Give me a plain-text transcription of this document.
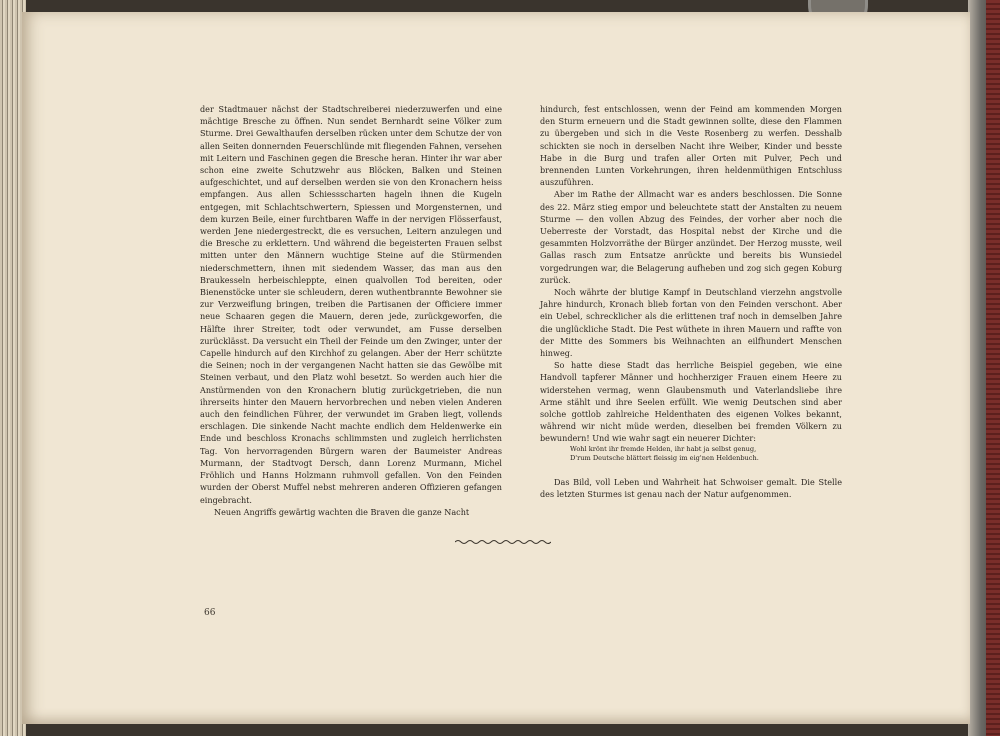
der Stadtmauer nächst der Stadtschreiberei niederzuwerfen und eine mächtige Bresche zu öffnen. Nun sendet Bernhardt seine Völker zum Sturme. Drei Gewalthaufen derselben rücken unter dem Schutze der von allen Seiten donnernden Feuerschlünde mit fliegenden Fahnen, versehen mit Leitern und Faschinen gegen die Bresche heran. Hinter ihr war aber schon eine zweite Schutzwehr aus Blöcken, Balken und Steinen aufgeschichtet, und auf derselben werden sie von den Kronachern heiss empfangen. Aus allen Schiessscharten hageln ihnen die Kugeln entgegen, mit Schlachtschwertern, Spiessen und Morgensternen, und dem kurzen Beile, einer furchtbaren Waffe in der nervigen Flösserfaust, werden Jene niedergestreckt, die es versuchen, Leitern anzulegen und die Bresche zu erklettern. Und während die begeisterten Frauen selbst mitten unter den Männern wuchtige Steine auf die Stürmenden niederschmettern, ihnen mit siedendem Wasser, das man aus den Braukesseln herbeischleppte, einen qualvollen Tod bereiten, oder Bienenstöcke unter sie schleudern, deren wuthentbrannte Bewohner sie zur Verzweiflung bringen, treiben die Partisanen der Officiere immer neue Schaaren gegen die Mauern, deren jede, zurückgeworfen, die Hälfte ihrer Streiter, todt oder verwundet, am Fusse derselben zurücklässt. Da versucht ein Theil der Feinde um den Zwinger, unter der Capelle hindurch auf den Kirchhof zu gelangen. Aber der Herr schützte die Seinen; noch in der vergangenen Nacht hatten sie das Gewölbe mit Steinen verbaut, und den Platz wohl besetzt. So werden auch hier die Anstürmenden von den Kronachern blutig zurückgetrieben, die nun ihrerseits hinter den Mauern hervorbrechen und neben vielen Anderen auch den feindlichen Führer, der verwundet im Graben liegt, vollends erschlagen. Die sinkende Nacht machte endlich dem Heldenwerke ein Ende und beschloss Kronachs schlimmsten und zugleich herrlichsten Tag. Von hervorragenden Bürgern waren der Baumeister Andreas Murmann, der Stadtvogt Dersch, dann Lorenz Murmann, Michel Fröhlich und Hanns Holzmann ruhmvoll gefallen. Von den Feinden wurden der Oberst Muffel nebst mehreren anderen Offizieren gefangen eingebracht.

Neuen Angriffs gewärtig wachten die Braven die ganze Nacht

hindurch, fest entschlossen, wenn der Feind am kommenden Morgen den Sturm erneuern und die Stadt gewinnen sollte, diese den Flammen zu übergeben und sich in die Veste Rosenberg zu werfen. Desshalb schickten sie noch in derselben Nacht ihre Weiber, Kinder und besste Habe in die Burg und trafen aller Orten mit Pulver, Pech und brennenden Lunten Vorkehrungen, ihren heldenmüthigen Entschluss auszuführen.

Aber im Rathe der Allmacht war es anders beschlossen. Die Sonne des 22. März stieg empor und beleuchtete statt der Anstalten zu neuem Sturme — den vollen Abzug des Feindes, der vorher aber noch die Ueberreste der Vorstadt, das Hospital nebst der Kirche und die gesammten Holzvorräthe der Bürger anzündet. Der Herzog musste, weil Gallas rasch zum Entsatze anrückte und bereits bis Wunsiedel vorgedrungen war, die Belagerung aufheben und zog sich gegen Koburg zurück.

Noch währte der blutige Kampf in Deutschland vierzehn angstvolle Jahre hindurch, Kronach blieb fortan von den Feinden verschont. Aber ein Uebel, schrecklicher als die erlittenen traf noch in demselben Jahre die unglückliche Stadt. Die Pest wüthete in ihren Mauern und raffte von der Mitte des Sommers bis Weihnachten an eilfhundert Menschen hinweg.

So hatte diese Stadt das herrliche Beispiel gegeben, wie eine Handvoll tapferer Männer und hochherziger Frauen einem Heere zu widerstehen vermag, wenn Glaubensmuth und Vaterlandsliebe ihre Arme stählt und ihre Seelen erfüllt. Wie wenig Deutschen sind aber solche gottlob zahlreiche Heldenthaten des eigenen Volkes bekannt, während wir nicht müde werden, dieselben bei fremden Völkern zu bewundern! Und wie wahr sagt ein neuerer Dichter:

Wohl krönt ihr fremde Helden, ihr habt ja selbst genug,
D'rum Deutsche blättert fleissig im eig'nen Heldenbuch.

Das Bild, voll Leben und Wahrheit hat Schwoiser gemalt. Die Stelle des letzten Sturmes ist genau nach der Natur aufgenommen.

66
